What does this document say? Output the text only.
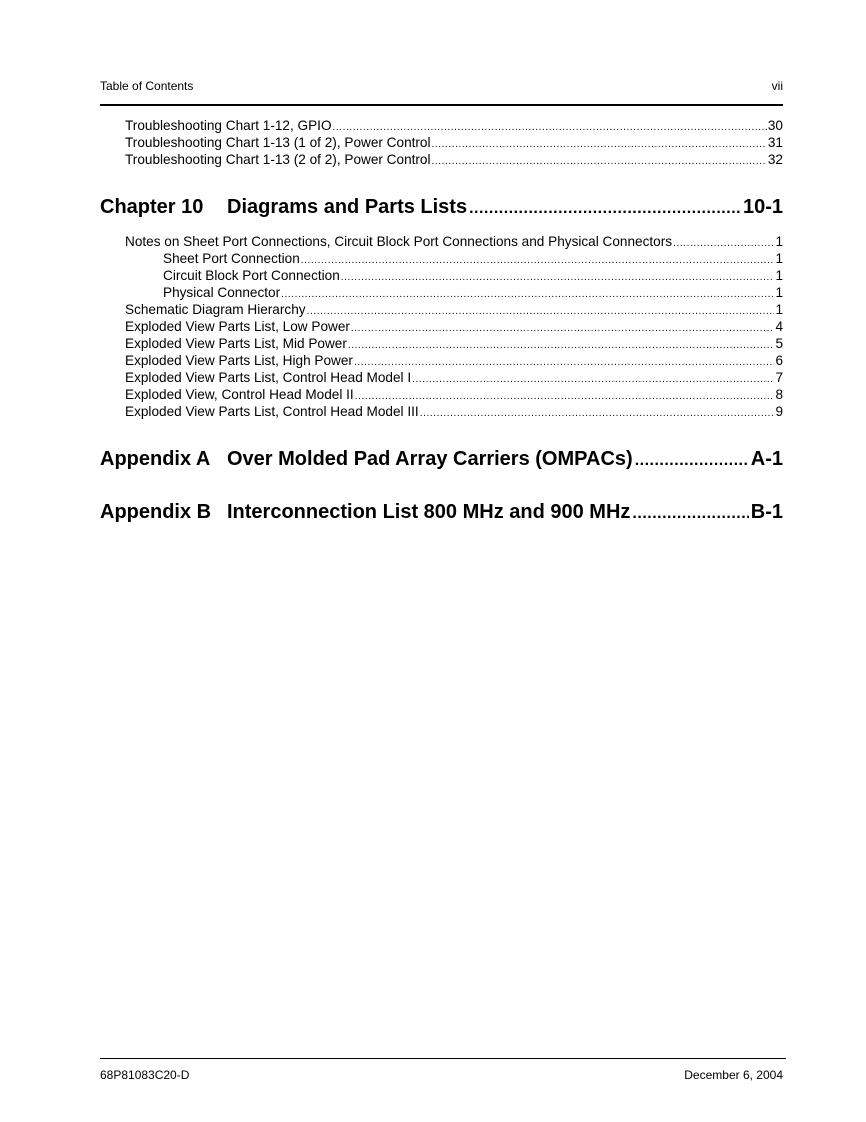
Table of Contents	vii
Troubleshooting Chart 1-12, GPIO .....	30
Troubleshooting Chart 1-13 (1 of 2), Power Control .....	31
Troubleshooting Chart 1-13 (2 of 2), Power Control .....	32
Chapter 10	Diagrams and Parts Lists .....	10-1
Notes on Sheet Port Connections, Circuit Block Port Connections and Physical Connectors .....	1
Sheet Port Connection .....	1
Circuit Block Port Connection .....	1
Physical Connector .....	1
Schematic Diagram Hierarchy .....	1
Exploded View Parts List, Low Power .....	4
Exploded View Parts List, Mid Power .....	5
Exploded View Parts List, High Power .....	6
Exploded View Parts List, Control Head Model I .....	7
Exploded View, Control Head Model II .....	8
Exploded View Parts List, Control Head Model III .....	9
Appendix A Over Molded Pad Array Carriers (OMPACs) .....	A-1
Appendix B Interconnection List 800 MHz and 900 MHz .....	B-1
68P81083C20-D	December 6, 2004
